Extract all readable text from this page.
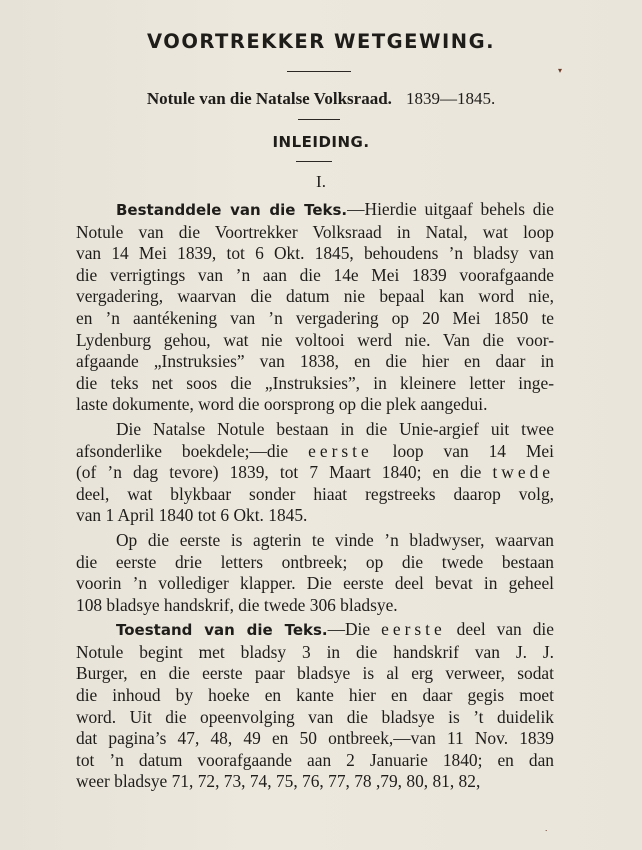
VOORTREKKER WETGEWING.
Notule van die Natalse Volksraad. 1839—1845.
INLEIDING.
I.
Bestanddele van die Teks.—Hierdie uitgaaf behels die
Notule van die Voortrekker Volksraad in Natal, wat loop
van 14 Mei 1839, tot 6 Okt. 1845, behoudens ’n bladsy van
die verrigtings van ’n aan die 14e Mei 1839 voorafgaande
vergadering, waarvan die datum nie bepaal kan word nie,
en ’n aantékening van ’n vergadering op 20 Mei 1850 te
Lydenburg gehou, wat nie voltooi werd nie. Van die voor-
afgaande „Instruksies” van 1838, en die hier en daar in
die teks net soos die „Instruksies”, in kleinere letter inge-
laste dokumente, word die oorsprong op die plek aangedui.
Die Natalse Notule bestaan in die Unie-argief uit twee
afsonderlike boekdele;—die eerste loop van 14 Mei
(of ’n dag tevore) 1839, tot 7 Maart 1840; en die twede
deel, wat blykbaar sonder hiaat regstreeks daarop volg,
van 1 April 1840 tot 6 Okt. 1845.
Op die eerste is agterin te vinde ’n bladwyser, waarvan
die eerste drie letters ontbreek; op die twede bestaan
voorin ’n vollediger klapper. Die eerste deel bevat in geheel
108 bladsye handskrif, die twede 306 bladsye.
Toestand van die Teks.—Die eerste deel van die
Notule begint met bladsy 3 in die handskrif van J. J.
Burger, en die eerste paar bladsye is al erg verweer, sodat
die inhoud by hoeke en kante hier en daar gegis moet
word. Uit die opeenvolging van die bladsye is ’t duidelik
dat pagina’s 47, 48, 49 en 50 ontbreek,—van 11 Nov. 1839
tot ’n datum voorafgaande aan 2 Januarie 1840; en dan
weer bladsye 71, 72, 73, 74, 75, 76, 77, 78 ,79, 80, 81, 82,
▾
•
